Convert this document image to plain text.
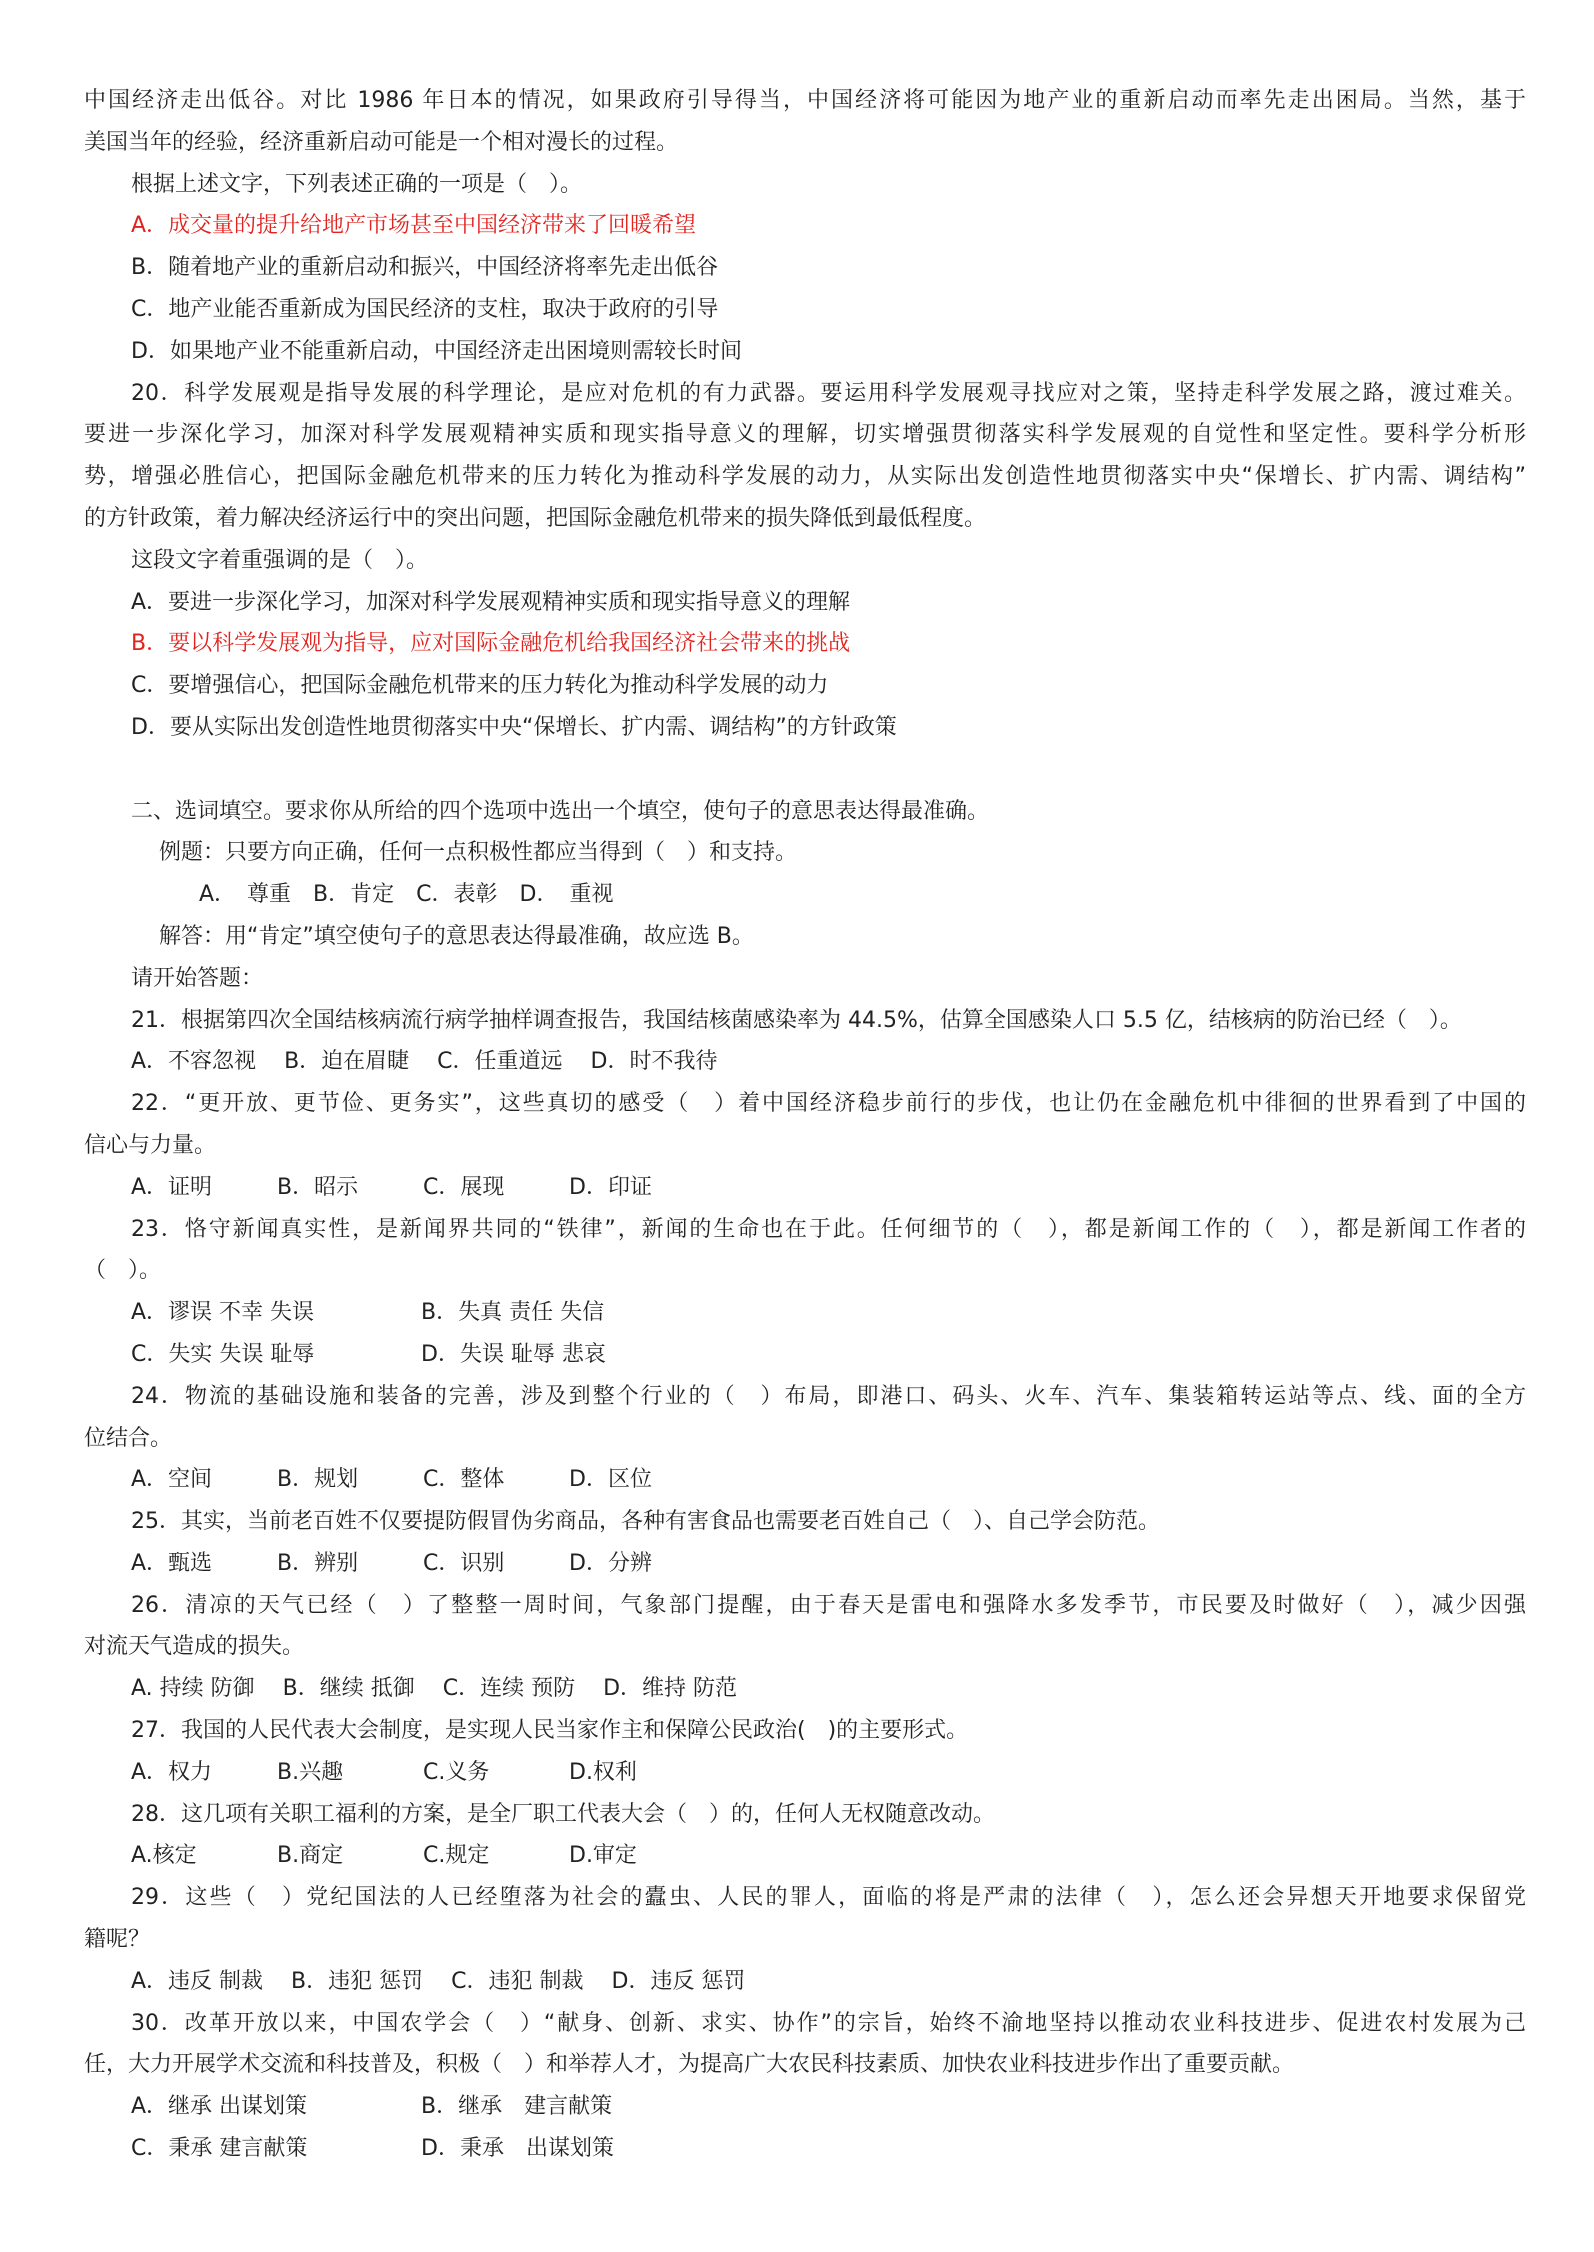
中国经济走出低谷。对比 1986 年日本的情况，如果政府引导得当，中国经济将可能因为地产业的重新启动而率先走出困局。当然，基于
美国当年的经验，经济重新启动可能是一个相对漫长的过程。
根据上述文字，下列表述正确的一项是（　）。
A．成交量的提升给地产市场甚至中国经济带来了回暖希望
B．随着地产业的重新启动和振兴，中国经济将率先走出低谷
C．地产业能否重新成为国民经济的支柱，取决于政府的引导
D．如果地产业不能重新启动，中国经济走出困境则需较长时间
20．科学发展观是指导发展的科学理论，是应对危机的有力武器。要运用科学发展观寻找应对之策，坚持走科学发展之路，渡过难关。
要进一步深化学习，加深对科学发展观精神实质和现实指导意义的理解，切实增强贯彻落实科学发展观的自觉性和坚定性。要科学分析形
势，增强必胜信心，把国际金融危机带来的压力转化为推动科学发展的动力，从实际出发创造性地贯彻落实中央“保增长、扩内需、调结构”
的方针政策，着力解决经济运行中的突出问题，把国际金融危机带来的损失降低到最低程度。
这段文字着重强调的是（　）。
A．要进一步深化学习，加深对科学发展观精神实质和现实指导意义的理解
B．要以科学发展观为指导，应对国际金融危机给我国经济社会带来的挑战
C．要增强信心，把国际金融危机带来的压力转化为推动科学发展的动力
D．要从实际出发创造性地贯彻落实中央“保增长、扩内需、调结构”的方针政策
二、选词填空。要求你从所给的四个选项中选出一个填空，使句子的意思表达得最准确。
例题：只要方向正确，任何一点积极性都应当得到（　）和支持。
A．　尊重　B．肯定　C．表彰　D．　重视
解答：用“肯定”填空使句子的意思表达得最准确，故应选 B。
请开始答题：
21．根据第四次全国结核病流行病学抽样调查报告，我国结核菌感染率为 44.5%，估算全国感染人口 5.5 亿，结核病的防治已经（　）。
A．不容忽视 B．迫在眉睫 C．任重道远 D．时不我待
22．“更开放、更节俭、更务实”，这些真切的感受（　）着中国经济稳步前行的步伐，也让仍在金融危机中徘徊的世界看到了中国的
信心与力量。
A．证明	B．昭示	C．展现	D．印证
23．恪守新闻真实性，是新闻界共同的“铁律”，新闻的生命也在于此。任何细节的（　），都是新闻工作的（　），都是新闻工作者的
（　）。
A．谬误 不幸 失误	B．失真 责任 失信
C．失实 失误 耻辱	D．失误 耻辱 悲哀
24．物流的基础设施和装备的完善，涉及到整个行业的（　）布局，即港口、码头、火车、汽车、集装箱转运站等点、线、面的全方
位结合。
A．空间	B．规划	C．整体	D．区位
25．其实，当前老百姓不仅要提防假冒伪劣商品，各种有害食品也需要老百姓自己（　）、自己学会防范。
A．甄选	B．辨别	C．识别	D．分辨
26．清凉的天气已经（　）了整整一周时间，气象部门提醒，由于春天是雷电和强降水多发季节，市民要及时做好（　），减少因强
对流天气造成的损失。
A. 持续 防御 B．继续 抵御 C．连续 预防 D．维持 防范
27．我国的人民代表大会制度，是实现人民当家作主和保障公民政治(　)的主要形式。
A．权力	B.兴趣	C.义务	D.权利
28．这几项有关职工福利的方案，是全厂职工代表大会（　）的，任何人无权随意改动。
A.核定	B.商定	C.规定	D.审定
29．这些（　）党纪国法的人已经堕落为社会的蠹虫、人民的罪人，面临的将是严肃的法律（　），怎么还会异想天开地要求保留党
籍呢？
A．违反 制裁 B．违犯 惩罚 C．违犯 制裁 D．违反 惩罚
30．改革开放以来，中国农学会（　）“献身、创新、求实、协作”的宗旨，始终不渝地坚持以推动农业科技进步、促进农村发展为己
任，大力开展学术交流和科技普及，积极（　）和举荐人才，为提高广大农民科技素质、加快农业科技进步作出了重要贡献。
A．继承 出谋划策	B．继承　建言献策
C．秉承 建言献策	D．秉承　出谋划策
